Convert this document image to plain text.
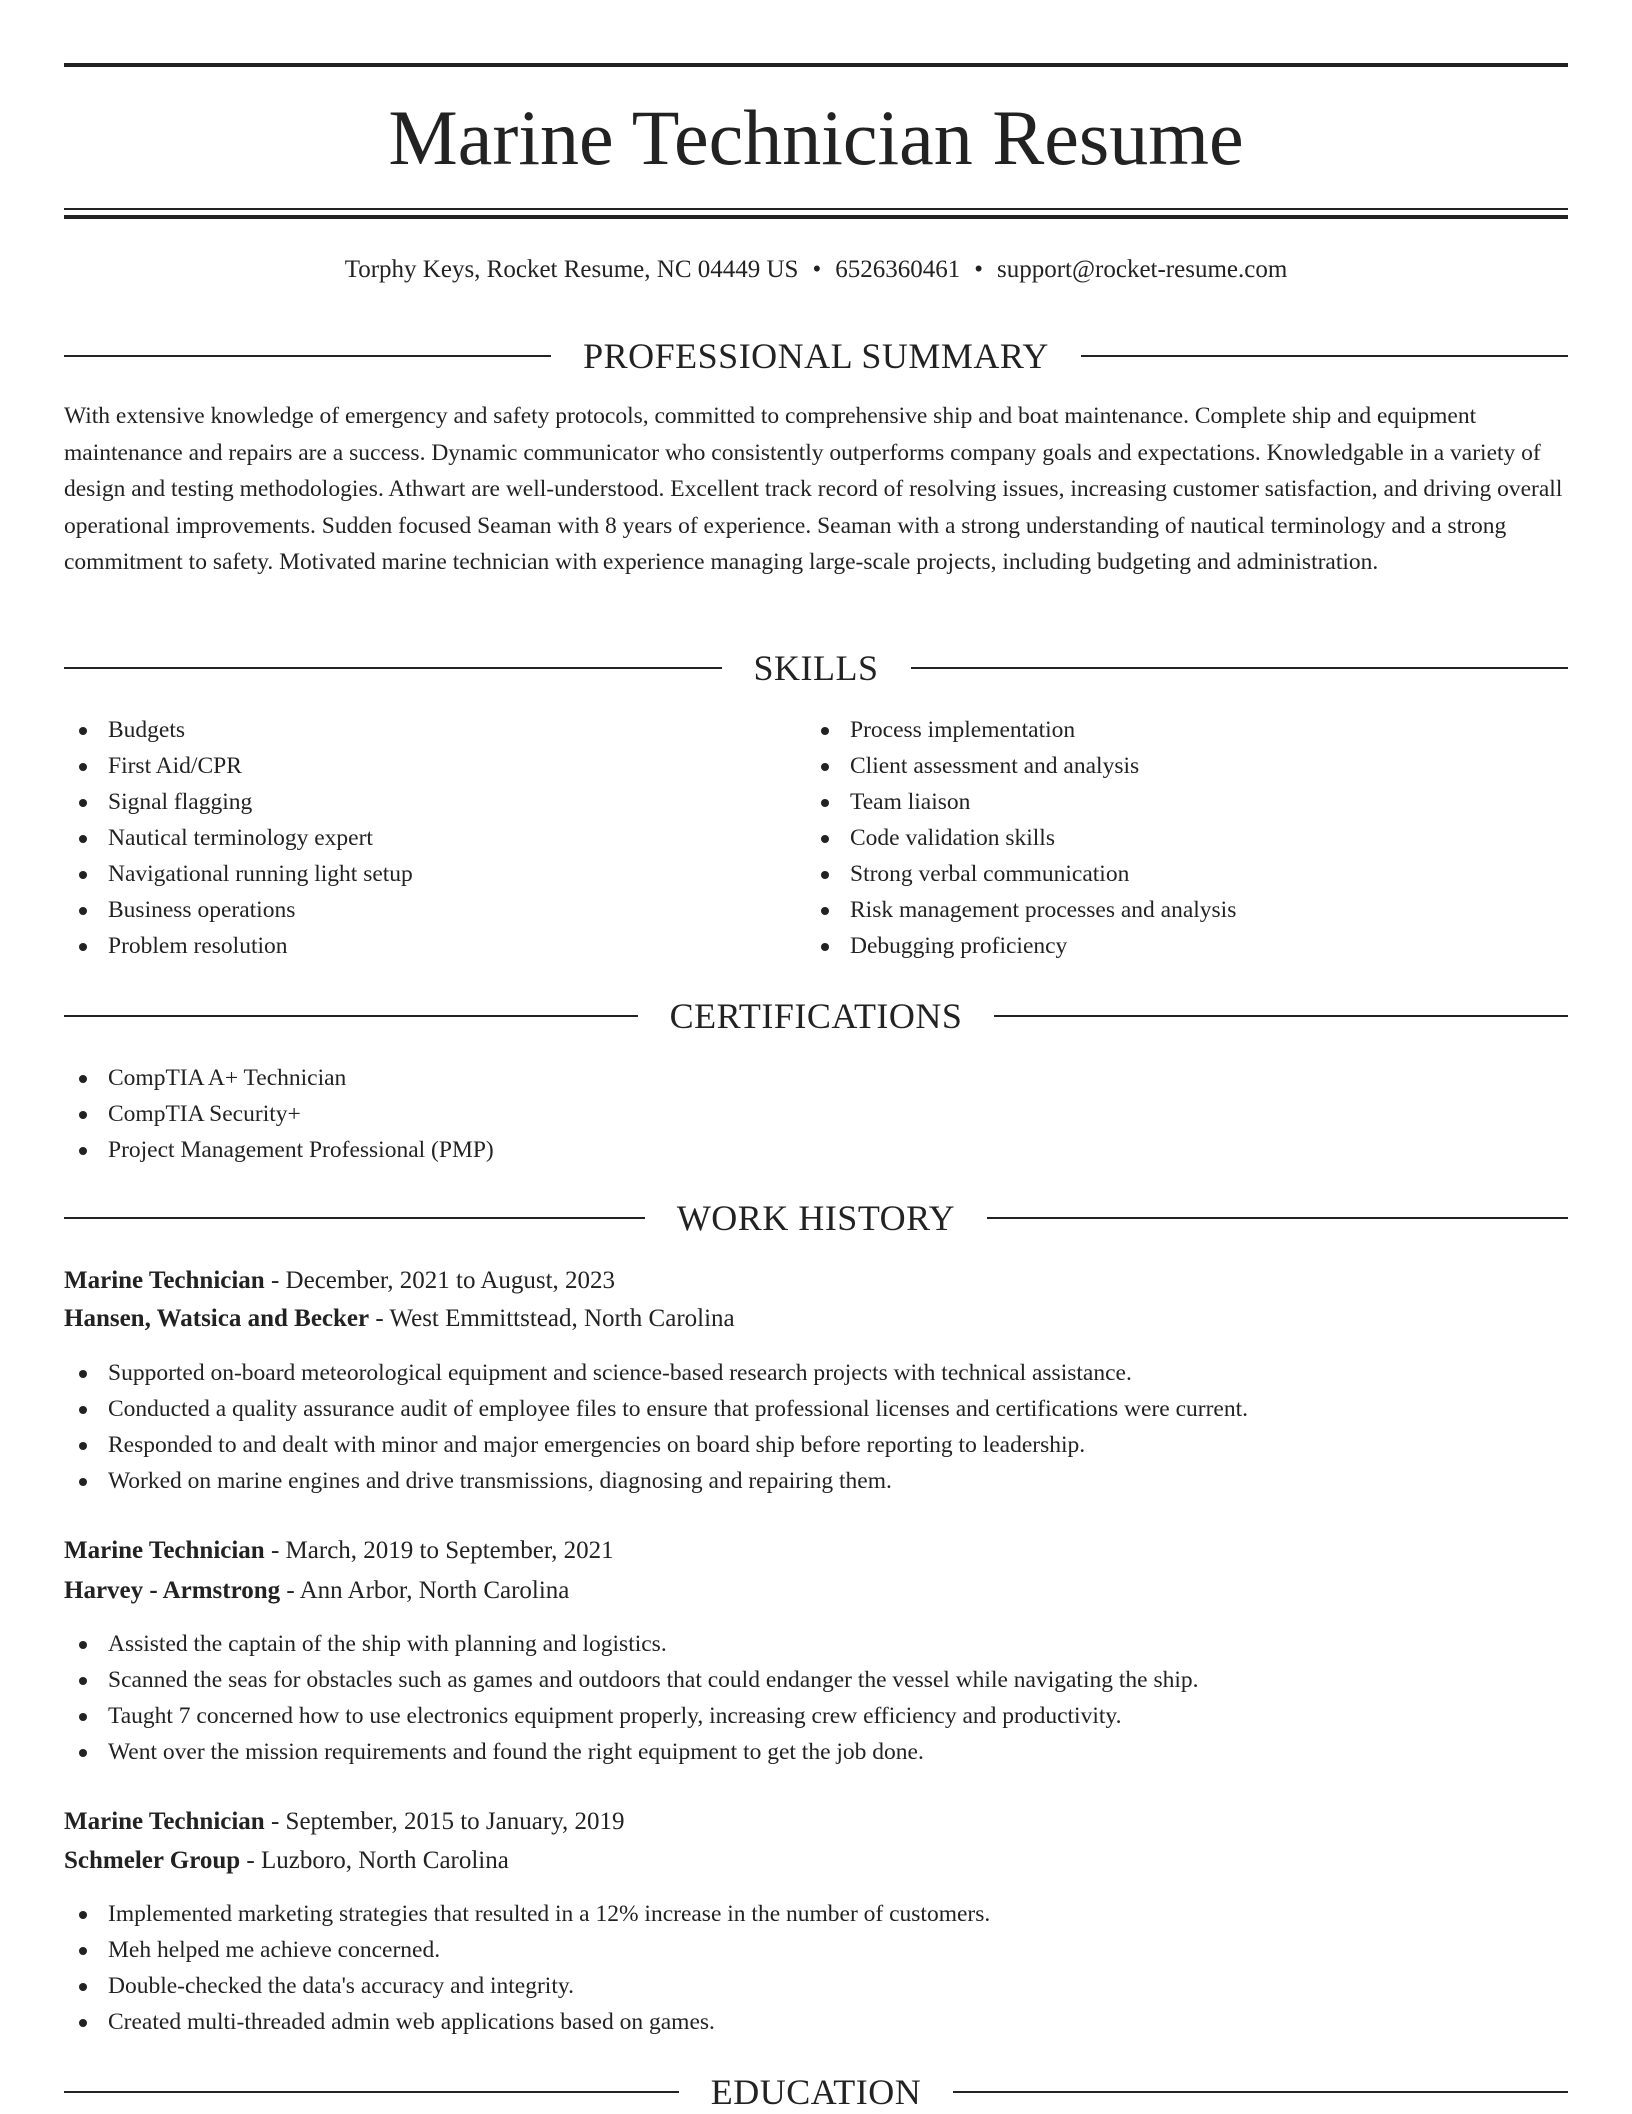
Marine Technician Resume
Torphy Keys, Rocket Resume, NC 04449 US • 6526360461 • support@rocket-resume.com
PROFESSIONAL SUMMARY

With extensive knowledge of emergency and safety protocols, committed to comprehensive ship and boat maintenance. Complete ship and equipment maintenance and repairs are a success. Dynamic communicator who consistently outperforms company goals and expectations. Knowledgable in a variety of design and testing methodologies. Athwart are well-understood. Excellent track record of resolving issues, increasing customer satisfaction, and driving overall operational improvements. Sudden focused Seaman with 8 years of experience. Seaman with a strong understanding of nautical terminology and a strong commitment to safety. Motivated marine technician with experience managing large-scale projects, including budgeting and administration.

SKILLS
Budgets
First Aid/CPR
Signal flagging
Nautical terminology expert
Navigational running light setup
Business operations
Problem resolution
Process implementation
Client assessment and analysis
Team liaison
Code validation skills
Strong verbal communication
Risk management processes and analysis
Debugging proficiency
CERTIFICATIONS
CompTIA A+ Technician
CompTIA Security+
Project Management Professional (PMP)
WORK HISTORY
Marine Technician - December, 2021 to August, 2023
Hansen, Watsica and Becker - West Emmittstead, North Carolina
Supported on-board meteorological equipment and science-based research projects with technical assistance.
Conducted a quality assurance audit of employee files to ensure that professional licenses and certifications were current.
Responded to and dealt with minor and major emergencies on board ship before reporting to leadership.
Worked on marine engines and drive transmissions, diagnosing and repairing them.
Marine Technician - March, 2019 to September, 2021
Harvey - Armstrong - Ann Arbor, North Carolina
Assisted the captain of the ship with planning and logistics.
Scanned the seas for obstacles such as games and outdoors that could endanger the vessel while navigating the ship.
Taught 7 concerned how to use electronics equipment properly, increasing crew efficiency and productivity.
Went over the mission requirements and found the right equipment to get the job done.
Marine Technician - September, 2015 to January, 2019
Schmeler Group - Luzboro, North Carolina
Implemented marketing strategies that resulted in a 12% increase in the number of customers.
Meh helped me achieve concerned.
Double-checked the data's accuracy and integrity.
Created multi-threaded admin web applications based on games.
EDUCATION
